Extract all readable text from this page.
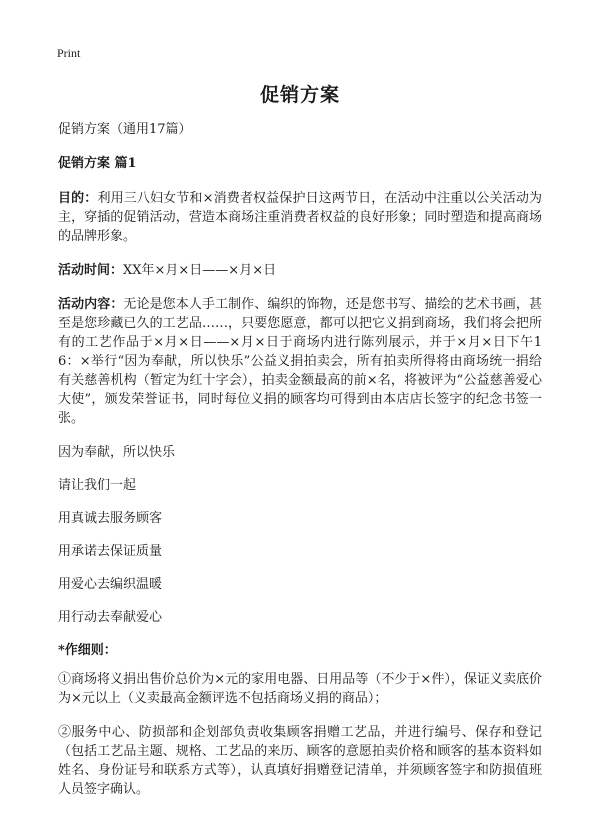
Print
促销方案

促销方案（通用17篇）

促销方案 篇1

目的：利用三八妇女节和×消费者权益保护日这两节日，在活动中注重以公关活动为主，穿插的促销活动，营造本商场注重消费者权益的良好形象；同时塑造和提高商场的品牌形象。

活动时间：XX年×月×日——×月×日

活动内容：无论是您本人手工制作、编织的饰物，还是您书写、描绘的艺术书画，甚至是您珍藏已久的工艺品……，只要您愿意，都可以把它义捐到商场，我们将会把所有的工艺作品于×月×日——×月×日于商场内进行陈列展示，并于×月×日下午16：×举行“因为奉献，所以快乐”公益义捐拍卖会，所有拍卖所得将由商场统一捐给有关慈善机构（暂定为红十字会），拍卖金额最高的前×名，将被评为“公益慈善爱心大使”，颁发荣誉证书，同时每位义捐的顾客均可得到由本店店长签字的纪念书签一张。

因为奉献，所以快乐

请让我们一起

用真诚去服务顾客

用承诺去保证质量

用爱心去编织温暖

用行动去奉献爱心

*作细则：

①商场将义捐出售价总价为×元的家用电器、日用品等（不少于×件），保证义卖底价为×元以上（义卖最高金额评选不包括商场义捐的商品）；

②服务中心、防损部和企划部负责收集顾客捐赠工艺品，并进行编号、保存和登记（包括工艺品主题、规格、工艺品的来历、顾客的意愿拍卖价格和顾客的基本资料如姓名、身份证号和联系方式等），认真填好捐赠登记清单，并须顾客签字和防损值班人员签字确认。
